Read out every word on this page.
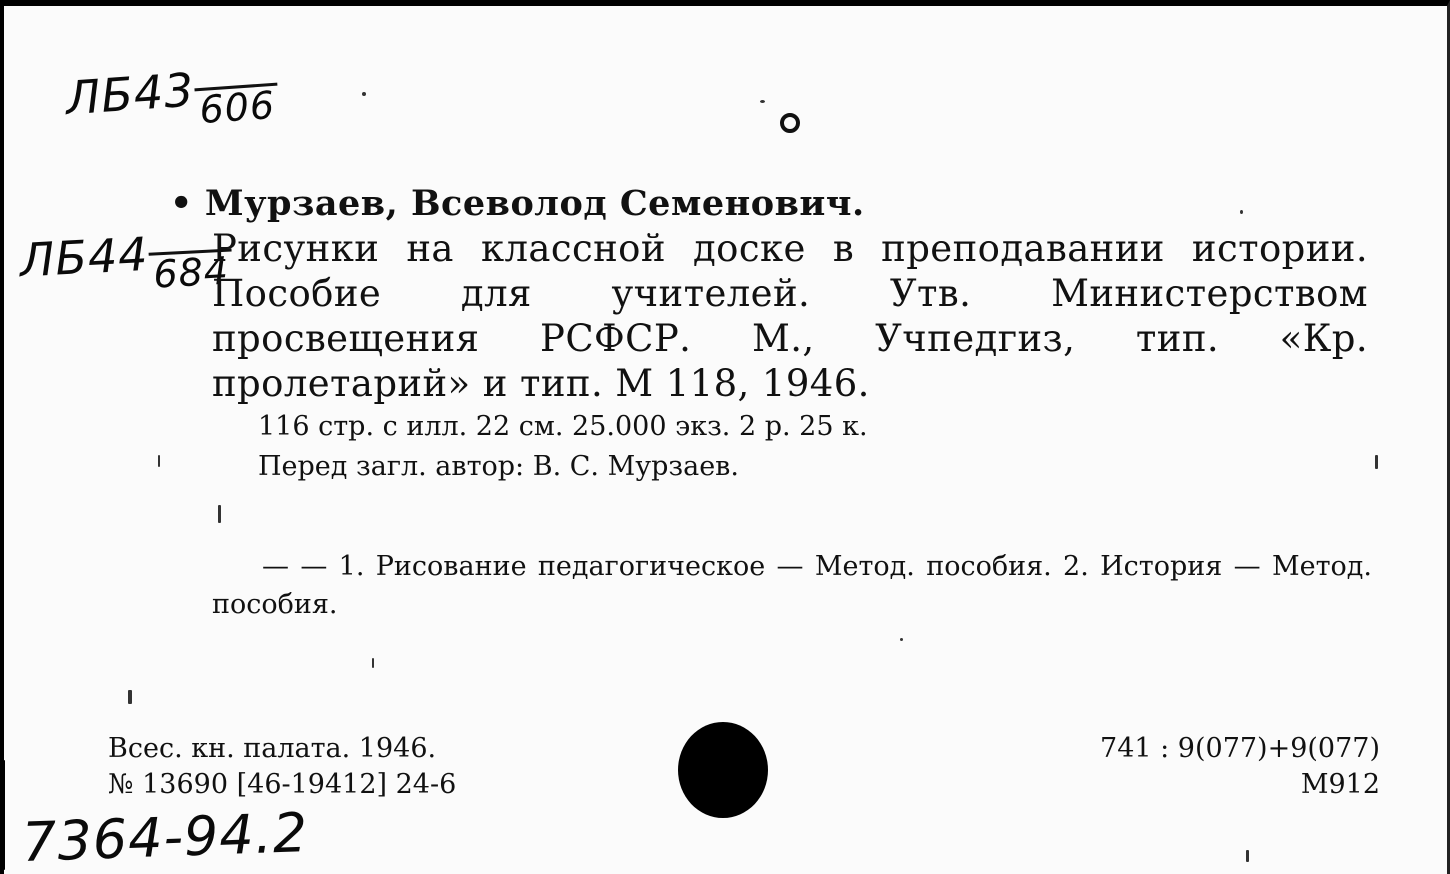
ЛБ43 606
• Мурзаев, Всеволод Семенович.
ЛБ44 684
Рисунки на классной доске в преподавании истории. Пособие для учителей. Утв. Министерством просвещения РСФСР. М., Учпедгиз, тип. «Кр. пролетарий» и тип. М 118, 1946.
116 стр. с илл. 22 см. 25.000 экз. 2 р. 25 к.
Перед загл. автор: В. С. Мурзаев.
— — 1. Рисование педагогическое — Метод. пособия. 2. История — Метод. пособия.
Всес. кн. палата. 1946.
№ 13690 [46-19412] 24-6
741 : 9(077)+9(077)
М912
7364-94.2
